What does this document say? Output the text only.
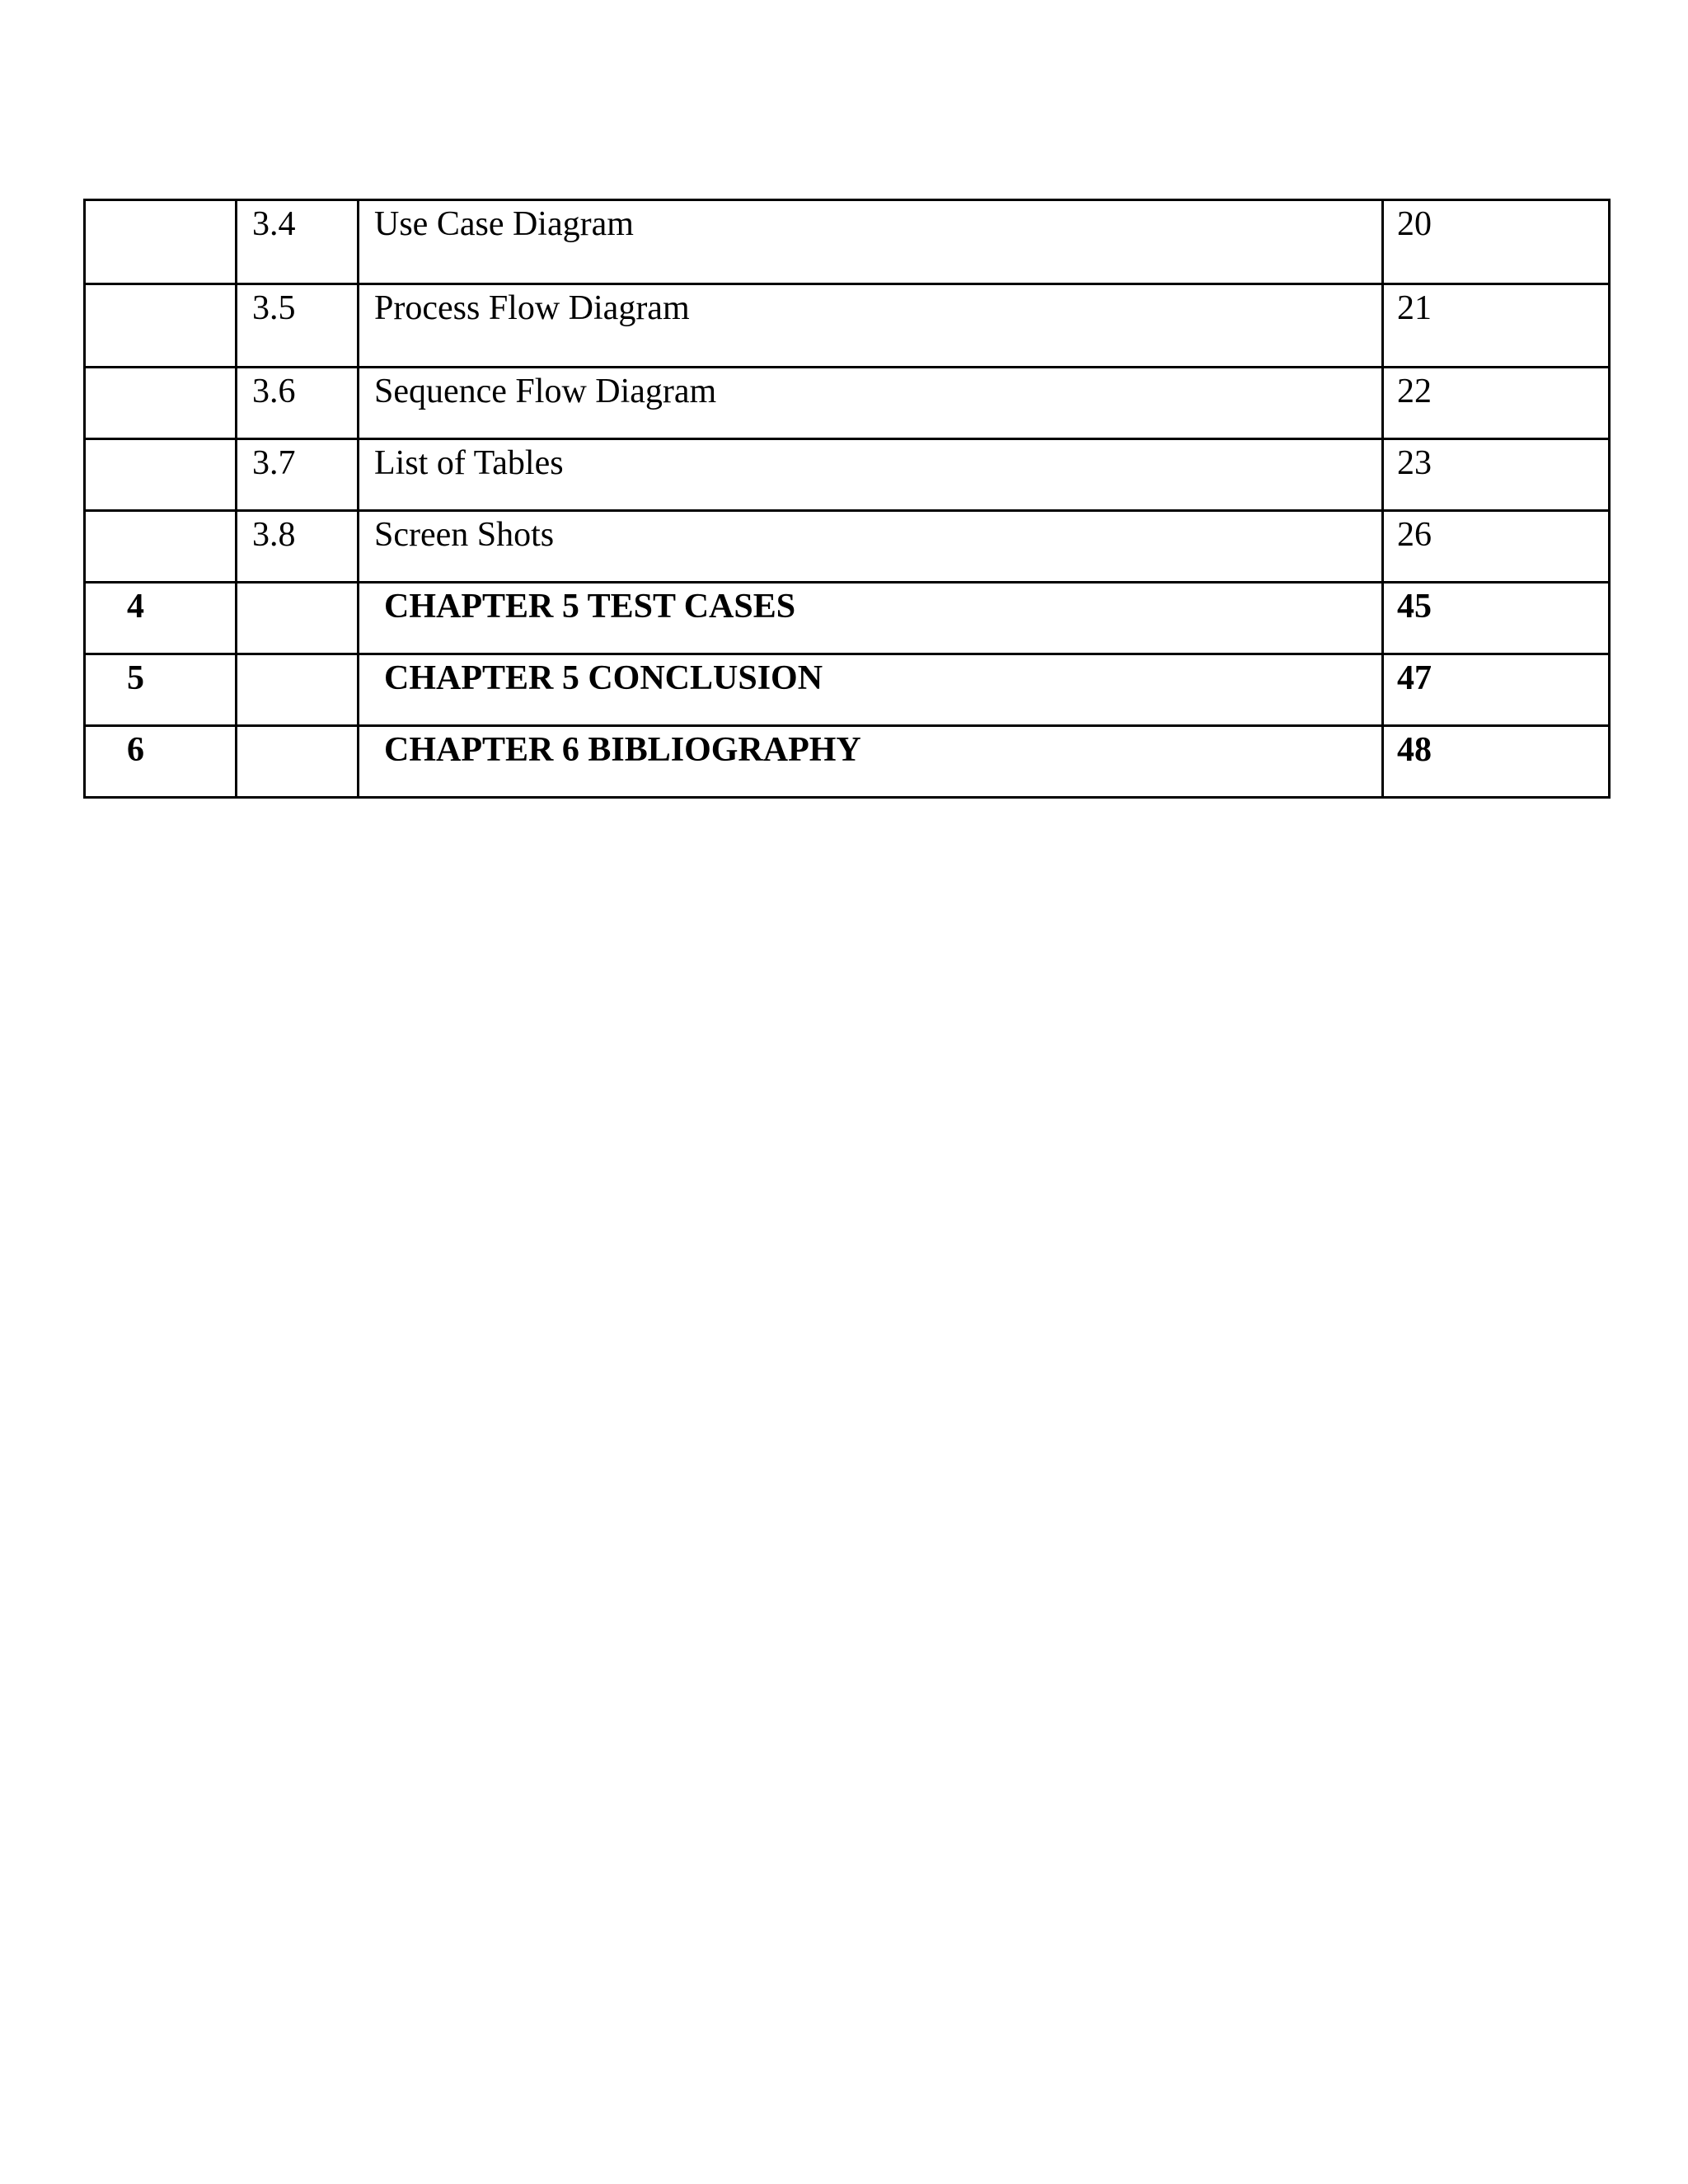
	3.4	Use Case Diagram	20

	3.5	Process Flow Diagram	21

	3.6	Sequence Flow Diagram	22

	3.7	List of Tables	23

	3.8	Screen Shots	26

4		CHAPTER 5 TEST CASES	45

5		CHAPTER 5 CONCLUSION	47

6		CHAPTER 6 BIBLIOGRAPHY	48
